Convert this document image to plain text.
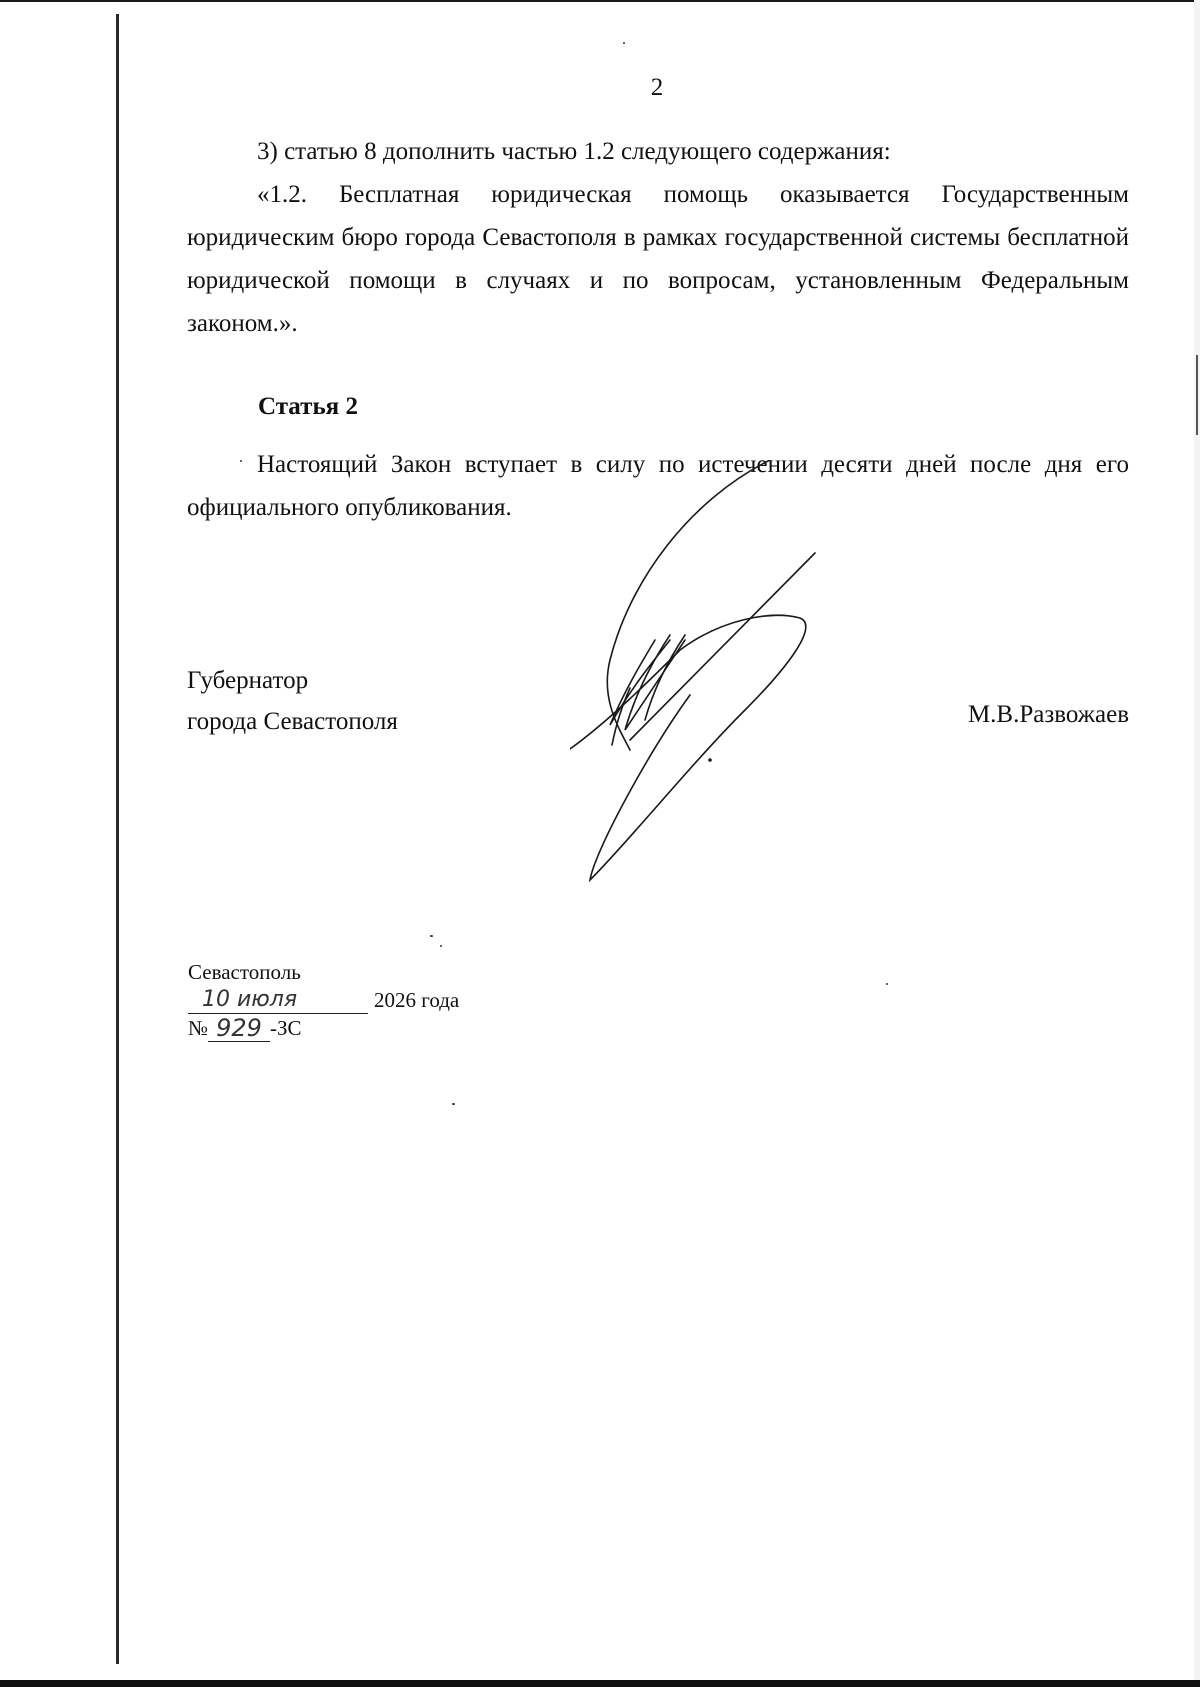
2

3) статью 8 дополнить частью 1.2 следующего содержания:

«1.2. Бесплатная юридическая помощь оказывается Государственным юридическим бюро города Севастополя в рамках государственной системы бесплатной юридической помощи в случаях и по вопросам, установленным Федеральным законом.».

Статья 2

Настоящий Закон вступает в силу по истечении десяти дней после дня его официального опубликования.

Губернатор
города Севастополя	М.В.Развожаев
Севастополь
10 июля	2026 года
№ 929 -ЗС
